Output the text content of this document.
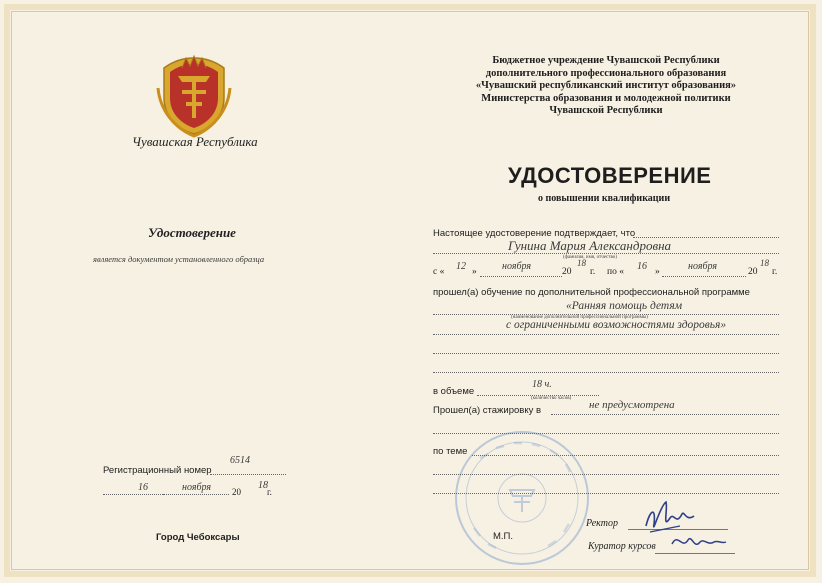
Чувашская Республика
Удостоверение
является документом установленного образца
Регистрационный номер
6514
16	ноября 20
18
г.
Город Чебоксары
Бюджетное учреждение Чувашской Республики
дополнительного профессионального образования
«Чувашский республиканский институт образования»
Министерства образования и молодежной политики
Чувашской Республики
УДОСТОВЕРЕНИЕ
о повышении квалификации
Настоящее удостоверение подтверждает, что
Гунина Мария Александровна
(фамилия, имя, отчество)
с « 12 »	ноября	20
18
г. по « 16 »	ноября	20
18
г.
прошел(а) обучение по дополнительной профессиональной программе
«Ранняя помощь детям
(наименование дополнительной профессиональной программы)
с ограниченными возможностями здоровья»
в объеме
18 ч.
(количество часов)
Прошел(а) стажировку в	не предусмотрена
по теме
М.П.
Ректор
Куратор курсов
